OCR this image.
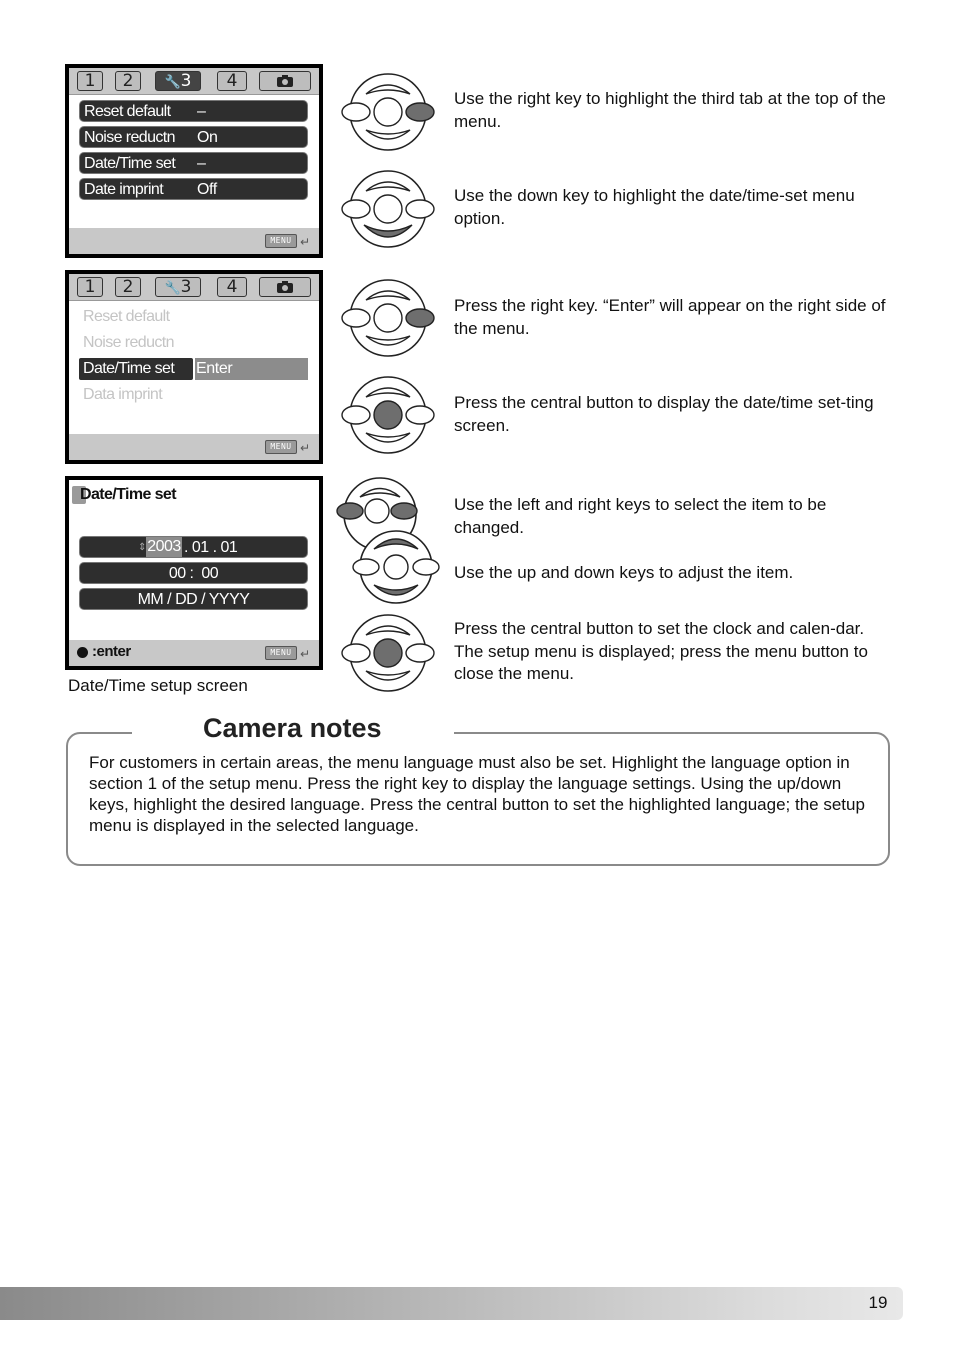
1	2	🔧3	4
Reset default –
Noise reductn On
Date/Time set –
Date imprint Off
MENU ↵
1	2	🔧3	4
Reset default
Noise reductn
Date/Time set Enter
Data imprint
MENU ↵
Date/Time set
⇕ 2003 . 01 . 01
00 :  00
MM / DD / YYYY
:enter	MENU ↵
Date/Time setup screen
Use the right key to highlight the third tab at the top of the menu.
Use the down key to highlight the date/time-set menu option.
Press the right key. “Enter” will appear on the right side of the menu.
Press the central button to display the date/time set-ting screen.
Use the left and right keys to select the item to be changed.
Use the up and down keys to adjust the item.
Press the central button to set the clock and calen-dar. The setup menu is displayed; press the menu button to close the menu.
Camera notes
For customers in certain areas, the menu language must also be set. Highlight the language option in section 1 of the setup menu. Press the right key to display the language settings. Using the up/down keys, highlight the desired language. Press the central button to set the highlighted language; the setup menu is displayed in the selected language.
19
